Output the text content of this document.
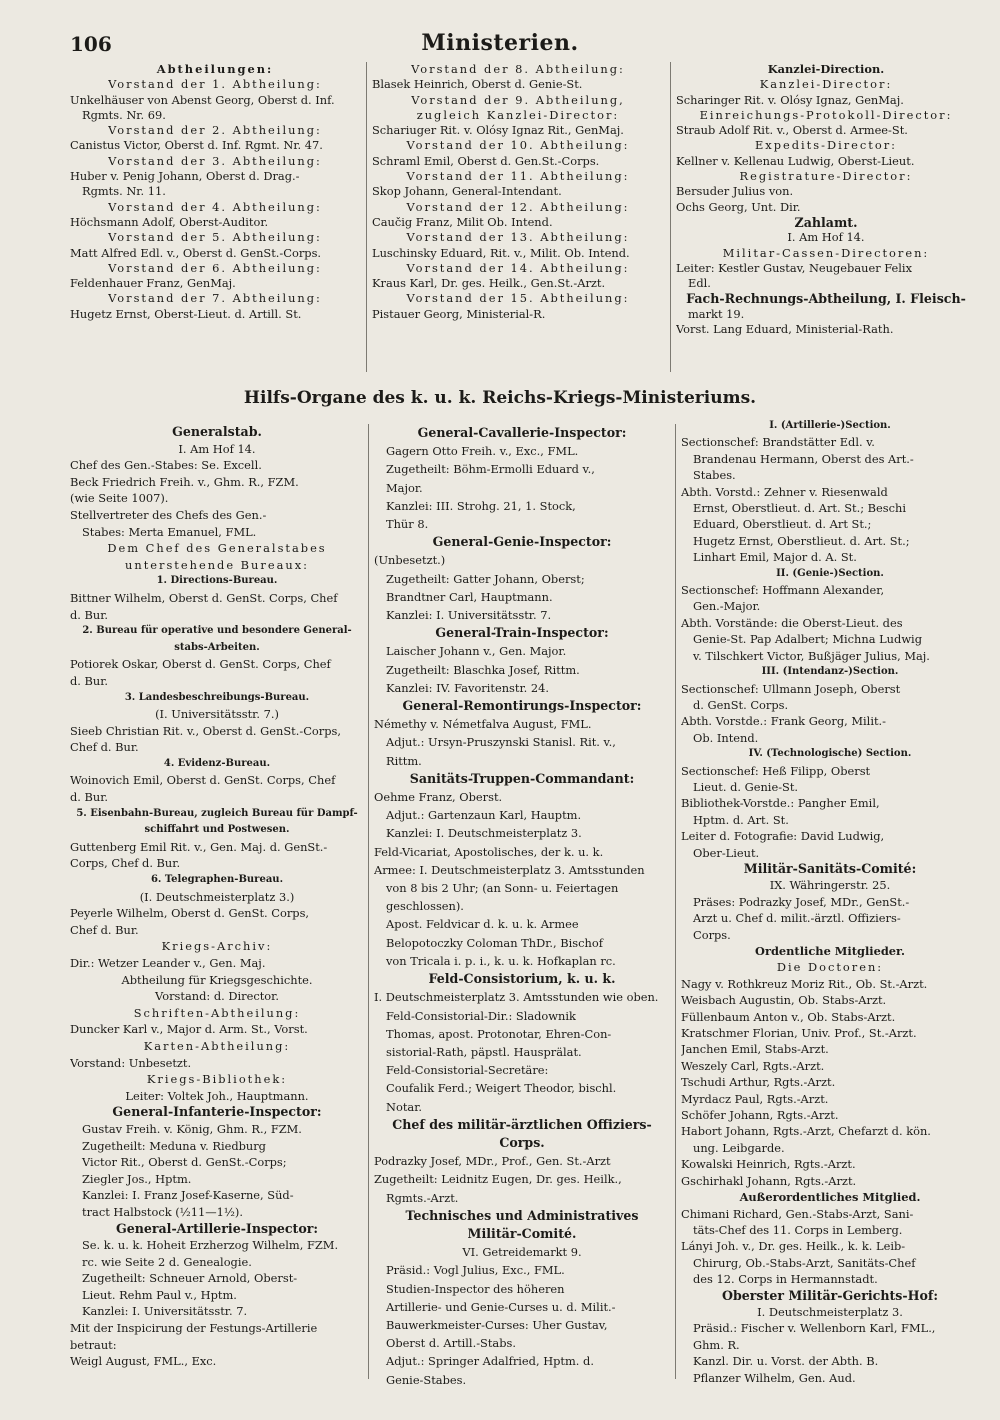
106	Ministerien.
Abtheilungen:
Vorstand der 1. Abtheilung:
Unkelhäuser von Abenst Georg, Oberst d. Inf.
Rgmts. Nr. 69.
Vorstand der 2. Abtheilung:
Canistus Victor, Oberst d. Inf. Rgmt. Nr. 47.
Vorstand der 3. Abtheilung:
Huber v. Penig Johann, Oberst d. Drag.-
Rgmts. Nr. 11.
Vorstand der 4. Abtheilung:
Höchsmann Adolf, Oberst-Auditor.
Vorstand der 5. Abtheilung:
Matt Alfred Edl. v., Oberst d. GenSt.-Corps.
Vorstand der 6. Abtheilung:
Feldenhauer Franz, GenMaj.
Vorstand der 7. Abtheilung:
Hugetz Ernst, Oberst-Lieut. d. Artill. St.
Vorstand der 8. Abtheilung:
Blasek Heinrich, Oberst d. Genie-St.
Vorstand der 9. Abtheilung,
zugleich Kanzlei-Director:
Schariuger Rit. v. Olósy Ignaz Rit., GenMaj.
Vorstand der 10. Abtheilung:
Schraml Emil, Oberst d. Gen.St.-Corps.
Vorstand der 11. Abtheilung:
Skop Johann, General-Intendant.
Vorstand der 12. Abtheilung:
Caučig Franz, Milit Ob. Intend.
Vorstand der 13. Abtheilung:
Luschinsky Eduard, Rit. v., Milit. Ob. Intend.
Vorstand der 14. Abtheilung:
Kraus Karl, Dr. ges. Heilk., Gen.St.-Arzt.
Vorstand der 15. Abtheilung:
Pistauer Georg, Ministerial-R.
Kanzlei-Direction.
Kanzlei-Director:
Scharinger Rit. v. Olósy Ignaz, GenMaj.
Einreichungs-Protokoll-Director:
Straub Adolf Rit. v., Oberst d. Armee-St.
Expedits-Director:
Kellner v. Kellenau Ludwig, Oberst-Lieut.
Registrature-Director:
Bersuder Julius von.
Ochs Georg, Unt. Dir.
Zahlamt.
I. Am Hof 14.
Militar-Cassen-Directoren:
Leiter: Kestler Gustav, Neugebauer Felix
Edl.
Fach-Rechnungs-Abtheilung, I. Fleisch-
markt 19.
Vorst. Lang Eduard, Ministerial-Rath.
Hilfs-Organe des k. u. k. Reichs-Kriegs-Ministeriums.
Generalstab.
I. Am Hof 14.
Chef des Gen.-Stabes: Se. Excell.
Beck Friedrich Freih. v., Ghm. R., FZM.
(wie Seite 1007).
Stellvertreter des Chefs des Gen.-
Stabes: Merta Emanuel, FML.
Dem Chef des Generalstabes
unterstehende Bureaux:
1. Directions-Bureau.
Bittner Wilhelm, Oberst d. GenSt. Corps, Chef
d. Bur.
2. Bureau für operative und besondere General-
stabs-Arbeiten.
Potiorek Oskar, Oberst d. GenSt. Corps, Chef
d. Bur.
3. Landesbeschreibungs-Bureau.
(I. Universitätsstr. 7.)
Sieeb Christian Rit. v., Oberst d. GenSt.-Corps,
Chef d. Bur.
4. Evidenz-Bureau.
Woinovich Emil, Oberst d. GenSt. Corps, Chef
d. Bur.
5. Eisenbahn-Bureau, zugleich Bureau für Dampf-
schiffahrt und Postwesen.
Guttenberg Emil Rit. v., Gen. Maj. d. GenSt.-
Corps, Chef d. Bur.
6. Telegraphen-Bureau.
(I. Deutschmeisterplatz 3.)
Peyerle Wilhelm, Oberst d. GenSt. Corps,
Chef d. Bur.
Kriegs-Archiv:
Dir.: Wetzer Leander v., Gen. Maj.
Abtheilung für Kriegsgeschichte.
Vorstand: d. Director.
Schriften-Abtheilung:
Duncker Karl v., Major d. Arm. St., Vorst.
Karten-Abtheilung:
Vorstand: Unbesetzt.
Kriegs-Bibliothek:
Leiter: Voltek Joh., Hauptmann.
General-Infanterie-Inspector:
Gustav Freih. v. König, Ghm. R., FZM.
Zugetheilt: Meduna v. Riedburg
Victor Rit., Oberst d. GenSt.-Corps;
Ziegler Jos., Hptm.
Kanzlei: I. Franz Josef-Kaserne, Süd-
tract Halbstock (½11—1½).
General-Artillerie-Inspector:
Se. k. u. k. Hoheit Erzherzog Wilhelm, FZM.
rc. wie Seite 2 d. Genealogie.
Zugetheilt: Schneuer Arnold, Oberst-
Lieut. Rehm Paul v., Hptm.
Kanzlei: I. Universitätsstr. 7.
Mit der Inspicirung der Festungs-Artillerie
betraut:
Weigl August, FML., Exc.
General-Cavallerie-Inspector:
Gagern Otto Freih. v., Exc., FML.
Zugetheilt: Böhm-Ermolli Eduard v.,
Major.
Kanzlei: III. Strohg. 21, 1. Stock,
Thür 8.
General-Genie-Inspector:
(Unbesetzt.)
Zugetheilt: Gatter Johann, Oberst;
Brandtner Carl, Hauptmann.
Kanzlei: I. Universitätsstr. 7.
General-Train-Inspector:
Laischer Johann v., Gen. Major.
Zugetheilt: Blaschka Josef, Rittm.
Kanzlei: IV. Favoritenstr. 24.
General-Remontirungs-Inspector:
Némethy v. Németfalva August, FML.
Adjut.: Ursyn-Pruszynski Stanisl. Rit. v.,
Rittm.
Sanitäts-Truppen-Commandant:
Oehme Franz, Oberst.
Adjut.: Gartenzaun Karl, Hauptm.
Kanzlei: I. Deutschmeisterplatz 3.
Feld-Vicariat, Apostolisches, der k. u. k.
Armee: I. Deutschmeisterplatz 3. Amtsstunden
von 8 bis 2 Uhr; (an Sonn- u. Feiertagen
geschlossen).
Apost. Feldvicar d. k. u. k. Armee
Belopotoczky Coloman ThDr., Bischof
von Tricala i. p. i., k. u. k. Hofkaplan rc.
Feld-Consistorium, k. u. k.
I. Deutschmeisterplatz 3. Amtsstunden wie oben.
Feld-Consistorial-Dir.: Sladownik
Thomas, apost. Protonotar, Ehren-Con-
sistorial-Rath, päpstl. Hausprälat.
Feld-Consistorial-Secretäre:
Coufalik Ferd.; Weigert Theodor, bischl.
Notar.
Chef des militär-ärztlichen Offiziers-
Corps.
Podrazky Josef, MDr., Prof., Gen. St.-Arzt
Zugetheilt: Leidnitz Eugen, Dr. ges. Heilk.,
Rgmts.-Arzt.
Technisches und Administratives
Militär-Comité.
VI. Getreidemarkt 9.
Präsid.: Vogl Julius, Exc., FML.
Studien-Inspector des höheren
Artillerie- und Genie-Curses u. d. Milit.-
Bauwerkmeister-Curses: Uher Gustav,
Oberst d. Artill.-Stabs.
Adjut.: Springer Adalfried, Hptm. d.
Genie-Stabes.
I. (Artillerie-)Section.
Sectionschef: Brandstätter Edl. v.
Brandenau Hermann, Oberst des Art.-
Stabes.
Abth. Vorstd.: Zehner v. Riesenwald
Ernst, Oberstlieut. d. Art. St.; Beschi
Eduard, Oberstlieut. d. Art St.;
Hugetz Ernst, Oberstlieut. d. Art. St.;
Linhart Emil, Major d. A. St.
II. (Genie-)Section.
Sectionschef: Hoffmann Alexander,
Gen.-Major.
Abth. Vorstände: die Oberst-Lieut. des
Genie-St. Pap Adalbert; Michna Ludwig
v. Tilschkert Victor, Bußjäger Julius, Maj.
III. (Intendanz-)Section.
Sectionschef: Ullmann Joseph, Oberst
d. GenSt. Corps.
Abth. Vorstde.: Frank Georg, Milit.-
Ob. Intend.
IV. (Technologische) Section.
Sectionschef: Heß Filipp, Oberst
Lieut. d. Genie-St.
Bibliothek-Vorstde.: Pangher Emil,
Hptm. d. Art. St.
Leiter d. Fotografie: David Ludwig,
Ober-Lieut.
Militär-Sanitäts-Comité:
IX. Währingerstr. 25.
Präses: Podrazky Josef, MDr., GenSt.-
Arzt u. Chef d. milit.-ärztl. Offiziers-
Corps.
Ordentliche Mitglieder.
Die Doctoren:
Nagy v. Rothkreuz Moriz Rit., Ob. St.-Arzt.
Weisbach Augustin, Ob. Stabs-Arzt.
Füllenbaum Anton v., Ob. Stabs-Arzt.
Kratschmer Florian, Univ. Prof., St.-Arzt.
Janchen Emil, Stabs-Arzt.
Weszely Carl, Rgts.-Arzt.
Tschudi Arthur, Rgts.-Arzt.
Myrdacz Paul, Rgts.-Arzt.
Schöfer Johann, Rgts.-Arzt.
Habort Johann, Rgts.-Arzt, Chefarzt d. kön.
ung. Leibgarde.
Kowalski Heinrich, Rgts.-Arzt.
Gschirhakl Johann, Rgts.-Arzt.
Außerordentliches Mitglied.
Chimani Richard, Gen.-Stabs-Arzt, Sani-
täts-Chef des 11. Corps in Lemberg.
Lányi Joh. v., Dr. ges. Heilk., k. k. Leib-
Chirurg, Ob.-Stabs-Arzt, Sanitäts-Chef
des 12. Corps in Hermannstadt.
Oberster Militär-Gerichts-Hof:
I. Deutschmeisterplatz 3.
Präsid.: Fischer v. Wellenborn Karl, FML.,
Ghm. R.
Kanzl. Dir. u. Vorst. der Abth. B.
Pflanzer Wilhelm, Gen. Aud.
